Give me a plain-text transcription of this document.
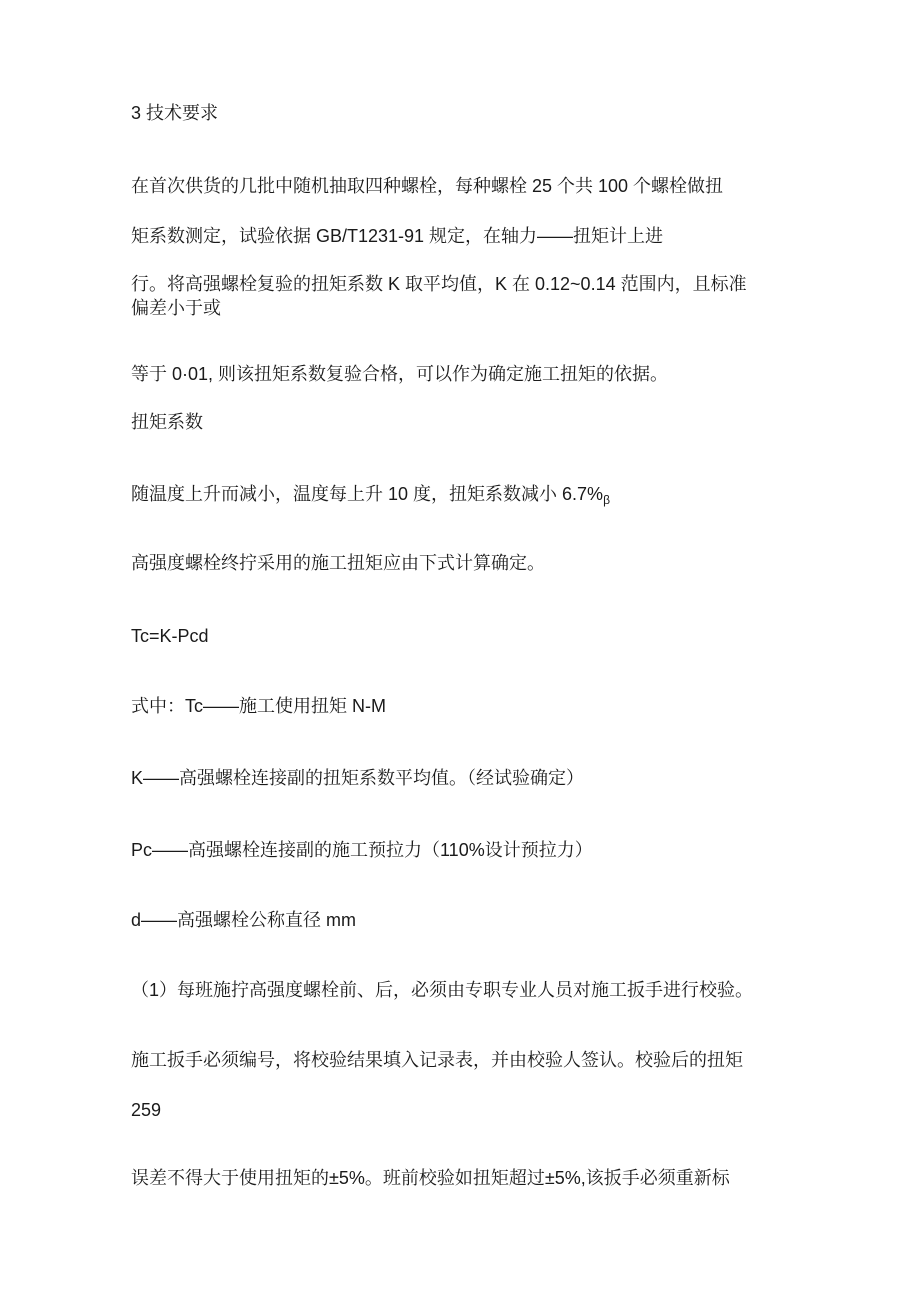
3 技术要求
在首次供货的几批中随机抽取四种螺栓，每种螺栓 25 个共 100 个螺栓做扭
矩系数测定，试验依据 GB/T1231-91 规定，在轴力——扭矩计上进
行。将高强螺栓复验的扭矩系数 K 取平均值，K 在 0.12~0.14 范围内，且标准
偏差小于或
等于 0·01, 则该扭矩系数复验合格，可以作为确定施工扭矩的依据。
扭矩系数
随温度上升而减小，温度每上升 10 度，扭矩系数减小 $6.7\%_\beta$
高强度螺栓终拧采用的施工扭矩应由下式计算确定。
Tc=K-Pcd
式中：Tc——施工使用扭矩 N-M
K——高强螺栓连接副的扭矩系数平均值。（经试验确定）
Pc——高强螺栓连接副的施工预拉力（110%设计预拉力）
d——高强螺栓公称直径 mm
（1）每班施拧高强度螺栓前、后，必须由专职专业人员对施工扳手进行校验。
施工扳手必须编号，将校验结果填入记录表，并由校验人签认。校验后的扭矩
259
误差不得大于使用扭矩的±5%。班前校验如扭矩超过±5%,该扳手必须重新标
